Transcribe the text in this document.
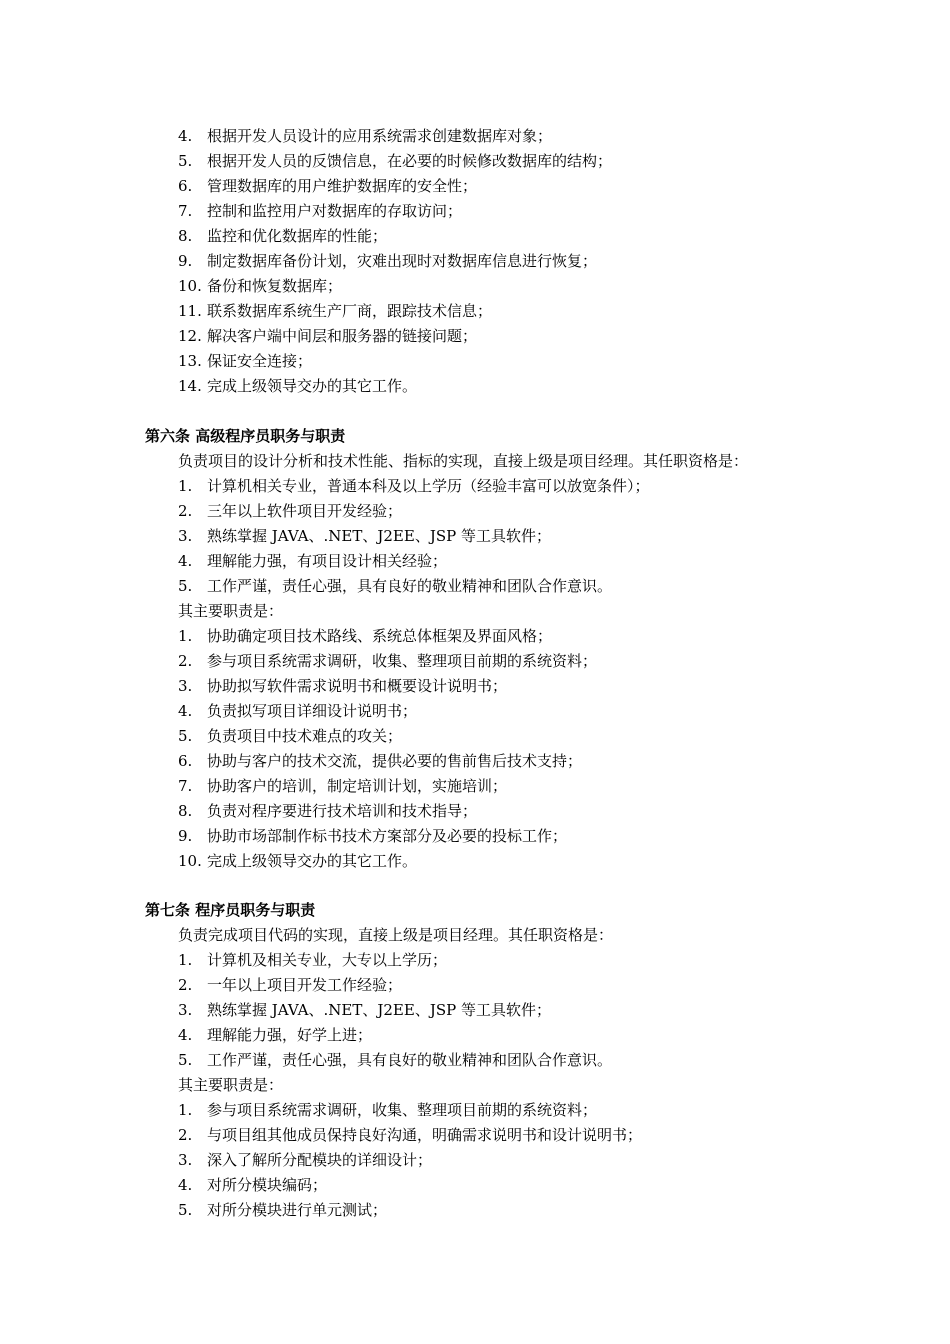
4. 根据开发人员设计的应用系统需求创建数据库对象；
5. 根据开发人员的反馈信息，在必要的时候修改数据库的结构；
6. 管理数据库的用户维护数据库的安全性；
7. 控制和监控用户对数据库的存取访问；
8. 监控和优化数据库的性能；
9. 制定数据库备份计划，灾难出现时对数据库信息进行恢复；
10. 备份和恢复数据库；
11. 联系数据库系统生产厂商，跟踪技术信息；
12. 解决客户端中间层和服务器的链接问题；
13. 保证安全连接；
14. 完成上级领导交办的其它工作。
第六条 高级程序员职务与职责
负责项目的设计分析和技术性能、指标的实现，直接上级是项目经理。其任职资格是：
1. 计算机相关专业，普通本科及以上学历（经验丰富可以放宽条件）；
2. 三年以上软件项目开发经验；
3. 熟练掌握 JAVA、.NET、J2EE、JSP 等工具软件；
4. 理解能力强，有项目设计相关经验；
5. 工作严谨，责任心强，具有良好的敬业精神和团队合作意识。
其主要职责是：
1. 协助确定项目技术路线、系统总体框架及界面风格；
2. 参与项目系统需求调研，收集、整理项目前期的系统资料；
3. 协助拟写软件需求说明书和概要设计说明书；
4. 负责拟写项目详细设计说明书；
5. 负责项目中技术难点的攻关；
6. 协助与客户的技术交流，提供必要的售前售后技术支持；
7. 协助客户的培训，制定培训计划，实施培训；
8. 负责对程序要进行技术培训和技术指导；
9. 协助市场部制作标书技术方案部分及必要的投标工作；
10. 完成上级领导交办的其它工作。
第七条 程序员职务与职责
负责完成项目代码的实现，直接上级是项目经理。其任职资格是：
1. 计算机及相关专业，大专以上学历；
2. 一年以上项目开发工作经验；
3. 熟练掌握 JAVA、.NET、J2EE、JSP 等工具软件；
4. 理解能力强，好学上进；
5. 工作严谨，责任心强，具有良好的敬业精神和团队合作意识。
其主要职责是：
1. 参与项目系统需求调研，收集、整理项目前期的系统资料；
2. 与项目组其他成员保持良好沟通，明确需求说明书和设计说明书；
3. 深入了解所分配模块的详细设计；
4. 对所分模块编码；
5. 对所分模块进行单元测试；
